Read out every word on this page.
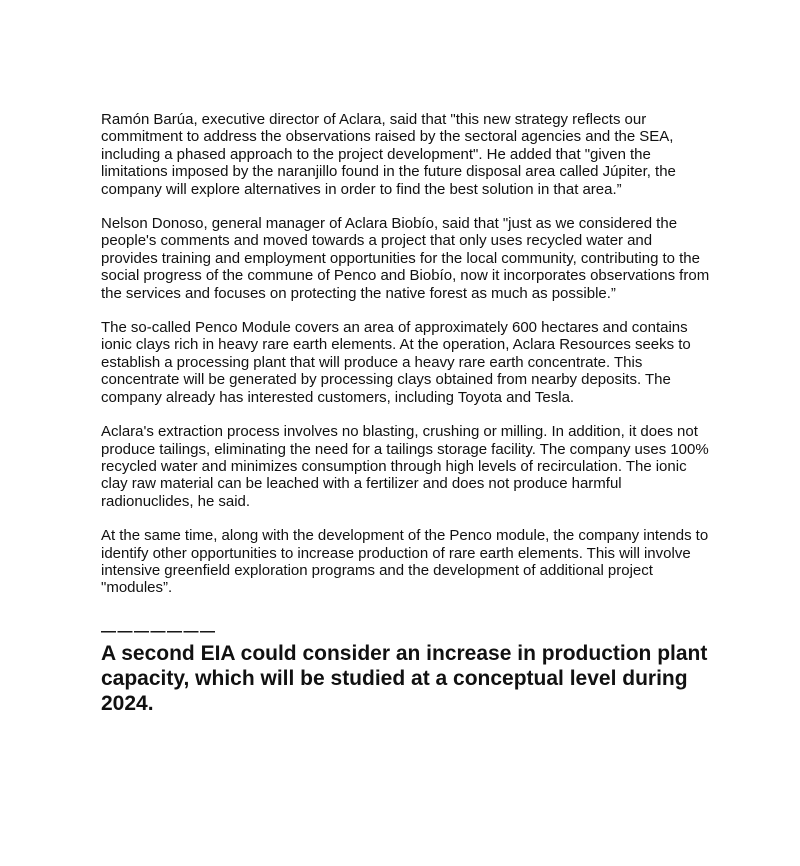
Ramón Barúa, executive director of Aclara, said that "this new strategy reflects our commitment to address the observations raised by the sectoral agencies and the SEA, including a phased approach to the project development". He added that "given the limitations imposed by the naranjillo found in the future disposal area called Júpiter, the company will explore alternatives in order to find the best solution in that area.”

Nelson Donoso, general manager of Aclara Biobío, said that "just as we considered the people's comments and moved towards a project that only uses recycled water and provides training and employment opportunities for the local community, contributing to the social progress of the commune of Penco and Biobío, now it incorporates observations from the services and focuses on protecting the native forest as much as possible.”

The so-called Penco Module covers an area of approximately 600 hectares and contains ionic clays rich in heavy rare earth elements. At the operation, Aclara Resources seeks to establish a processing plant that will produce a heavy rare earth concentrate. This concentrate will be generated by processing clays obtained from nearby deposits. The company already has interested customers, including Toyota and Tesla.

Aclara's extraction process involves no blasting, crushing or milling. In addition, it does not produce tailings, eliminating the need for a tailings storage facility. The company uses 100% recycled water and minimizes consumption through high levels of recirculation. The ionic clay raw material can be leached with a fertilizer and does not produce harmful radionuclides, he said.

At the same time, along with the development of the Penco module, the company intends to identify other opportunities to increase production of rare earth elements. This will involve intensive greenfield exploration programs and the development of additional project "modules”.

———————
A second EIA could consider an increase in production plant capacity, which will be studied at a conceptual level during 2024.
